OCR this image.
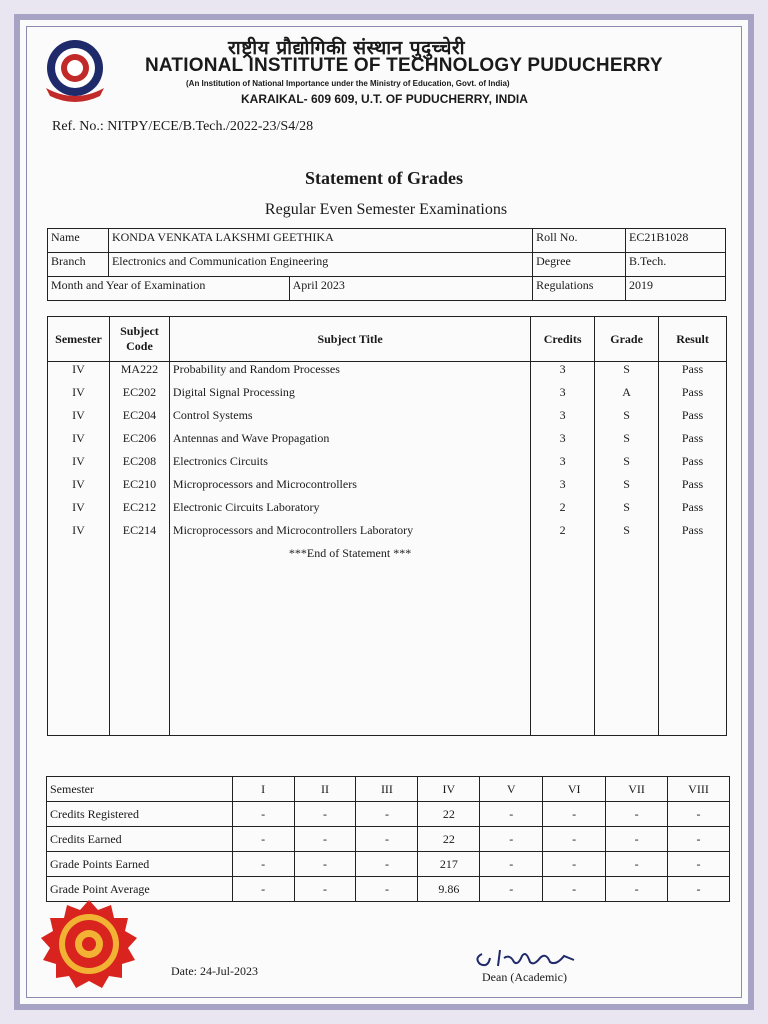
राष्ट्रीय प्रौद्योगिकी संस्थान पुदुच्चेरी
NATIONAL INSTITUTE OF TECHNOLOGY PUDUCHERRY
(An Institution of National Importance under the Ministry of Education, Govt. of India)
KARAIKAL- 609 609, U.T. OF PUDUCHERRY, INDIA
Ref. No.: NITPY/ECE/B.Tech./2022-23/S4/28
Statement of Grades
Regular Even Semester Examinations
Name	KONDA VENKATA LAKSHMI GEETHIKA		Roll No.	EC21B1028
Branch	Electronics and Communication Engineering		Degree	B.Tech.
Month and Year of Examination		April 2023	Regulations	2019
Semester	Subject Code	Subject Title	Credits	Grade	Result
IV	MA222	Probability and Random Processes	3	S	Pass
IV	EC202	Digital Signal Processing	3	A	Pass
IV	EC204	Control Systems	3	S	Pass
IV	EC206	Antennas and Wave Propagation	3	S	Pass
IV	EC208	Electronics Circuits	3	S	Pass
IV	EC210	Microprocessors and Microcontrollers	3	S	Pass
IV	EC212	Electronic Circuits Laboratory	2	S	Pass
IV	EC214	Microprocessors and Microcontrollers Laboratory	2	S	Pass
		***End of Statement ***			
Semester	I	II	III	IV	V	VI	VII	VIII
Credits Registered	-	-	-	22	-	-	-	-
Credits Earned	-	-	-	22	-	-	-	-
Grade Points Earned	-	-	-	217	-	-	-	-
Grade Point Average	-	-	-	9.86	-	-	-	-
Date: 24-Jul-2023	Dean (Academic)
